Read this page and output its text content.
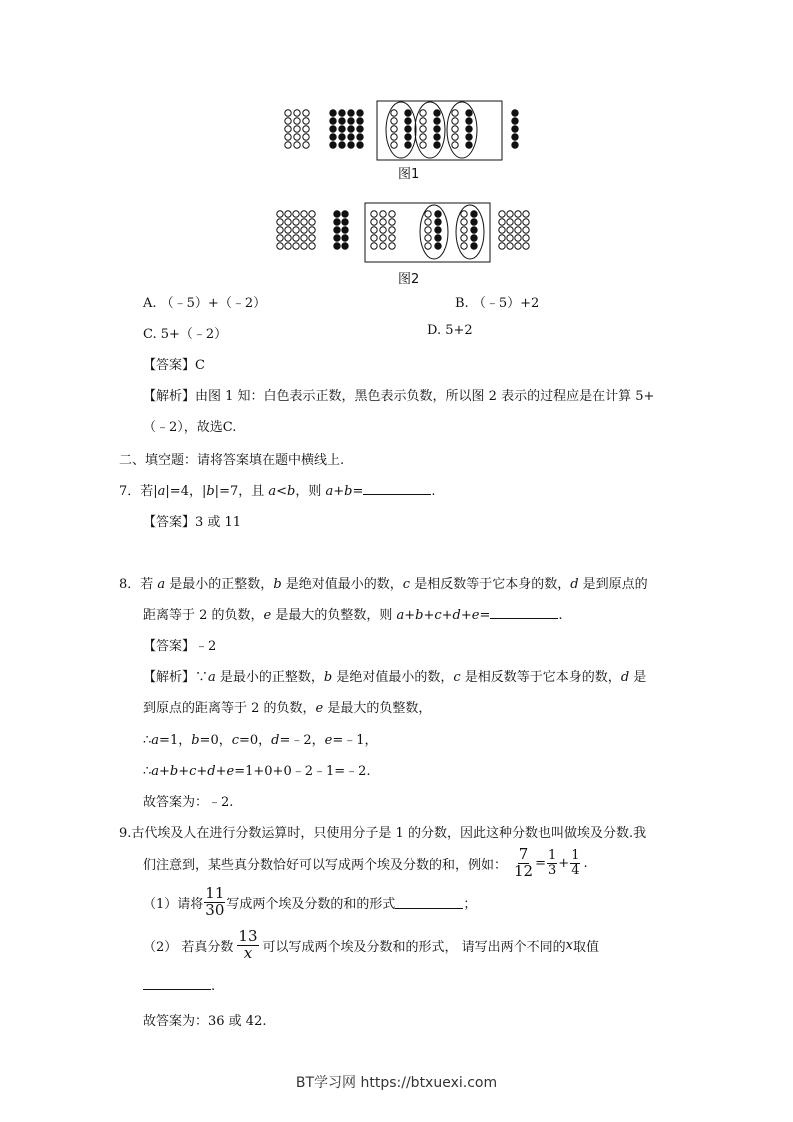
图1
图2
A. （﹣5）+（﹣2）	B. （﹣5）+2
C. 5+（﹣2）	D. 5+2
【答案】C
【解析】由图 1 知：白色表示正数，黑色表示负数，所以图 2 表示的过程应是在计算 5+
（﹣2），故选C.
二、填空题：请将答案填在题中横线上.
7．若|a|=4，|b|=7，且 a<b，则 a+b=	.
【答案】3 或 11
8．若 a 是最小的正整数，b 是绝对值最小的数，c 是相反数等于它本身的数，d 是到原点的
距离等于 2 的负数，e 是最大的负整数，则 a+b+c+d+e=	.
【答案】﹣2
【解析】∵a 是最小的正整数，b 是绝对值最小的数，c 是相反数等于它本身的数，d 是
到原点的距离等于 2 的负数，e 是最大的负整数，
∴a=1，b=0，c=0，d=﹣2，e=﹣1，
∴a+b+c+d+e=1+0+0﹣2﹣1=﹣2.
故答案为：﹣2.
9.古代埃及人在进行分数运算时，只使用分子是 1 的分数，因此这种分数也叫做埃及分数.我
们注意到，某些真分数恰好可以写成两个埃及分数的和，例如： $\frac{7}{12} = \frac{1}{3} + \frac{1}{4}$ .
（1）请将 $\frac{11}{30}$ 写成两个埃及分数的和的形式	；
（2） 若真分数 $\frac{13}{x}$ 可以写成两个埃及分数和的形式， 请写出两个不同的 x 取值
.
故答案为：36 或 42.
BT学习网 https://btxuexi.com
